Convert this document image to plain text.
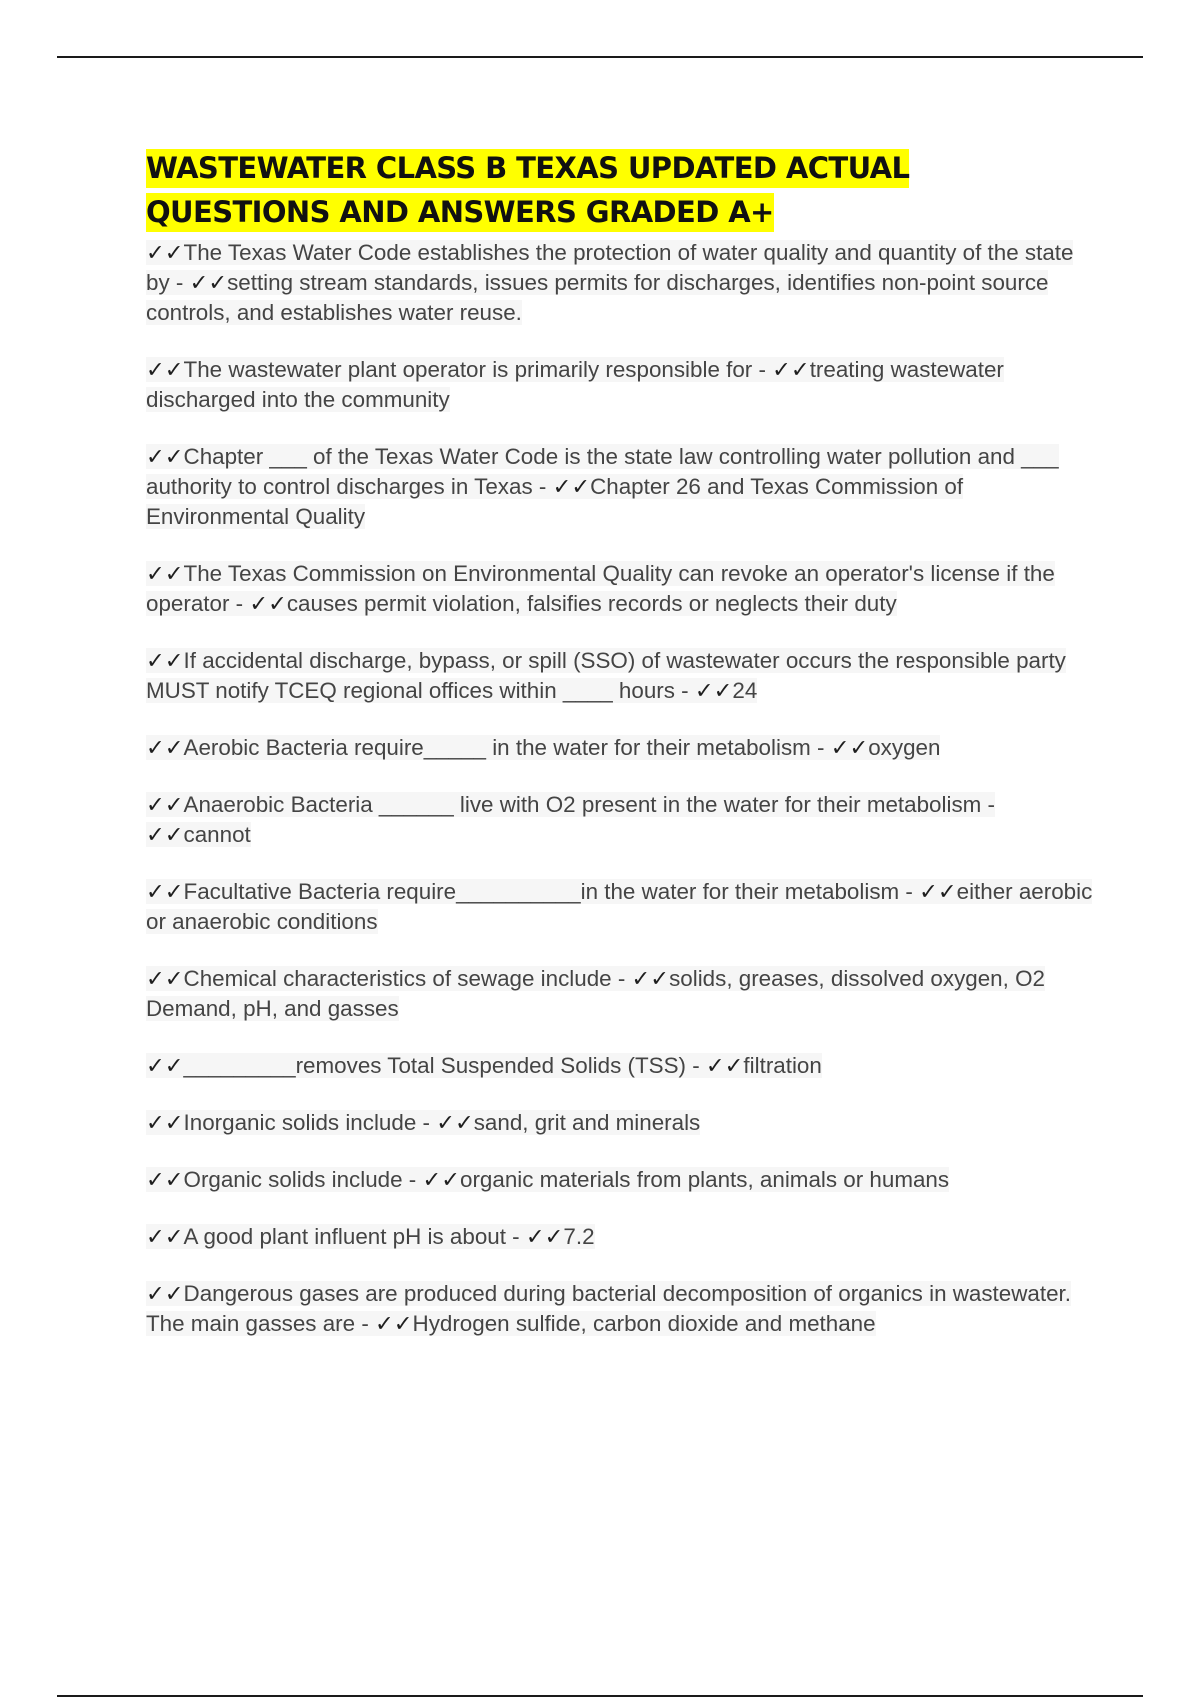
WASTEWATER CLASS B TEXAS UPDATED ACTUAL
QUESTIONS AND ANSWERS GRADED A+

✓✓The Texas Water Code establishes the protection of water quality and quantity of the state by - ✓✓setting stream standards, issues permits for discharges, identifies non-point source controls, and establishes water reuse.

✓✓The wastewater plant operator is primarily responsible for - ✓✓treating wastewater discharged into the community

✓✓Chapter ___ of the Texas Water Code is the state law controlling water pollution and ___ authority to control discharges in Texas - ✓✓Chapter 26 and Texas Commission of Environmental Quality

✓✓The Texas Commission on Environmental Quality can revoke an operator's license if the operator - ✓✓causes permit violation, falsifies records or neglects their duty

✓✓If accidental discharge, bypass, or spill (SSO) of wastewater occurs the responsible party MUST notify TCEQ regional offices within ____ hours - ✓✓24

✓✓Aerobic Bacteria require_____ in the water for their metabolism - ✓✓oxygen

✓✓Anaerobic Bacteria ______ live with O2 present in the water for their metabolism - ✓✓cannot

✓✓Facultative Bacteria require__________in the water for their metabolism - ✓✓either aerobic or anaerobic conditions

✓✓Chemical characteristics of sewage include - ✓✓solids, greases, dissolved oxygen, O2 Demand, pH, and gasses

✓✓_________removes Total Suspended Solids (TSS) - ✓✓filtration

✓✓Inorganic solids include - ✓✓sand, grit and minerals

✓✓Organic solids include - ✓✓organic materials from plants, animals or humans

✓✓A good plant influent pH is about - ✓✓7.2

✓✓Dangerous gases are produced during bacterial decomposition of organics in wastewater. The main gasses are - ✓✓Hydrogen sulfide, carbon dioxide and methane
